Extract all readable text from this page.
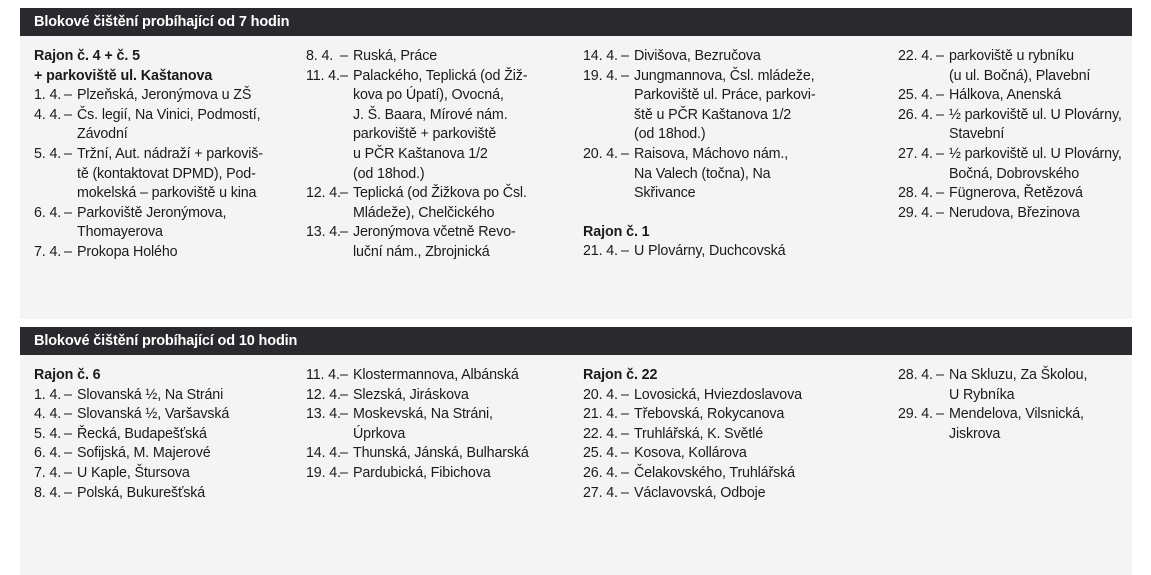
Blokové čištění probíhající od 7 hodin
Rajon č. 4 + č. 5
+ parkoviště ul. Kaštanova
1. 4. – Plzeňská, Jeronýmova u ZŠ
4. 4. – Čs. legií, Na Vinici, Podmostí,
Závodní
5. 4. – Tržní, Aut. nádraží + parkoviš-
tě (kontaktovat DPMD), Pod-
mokelská – parkoviště u kina
6. 4. – Parkoviště Jeronýmova,
Thomayerova
7. 4. – Prokopa Holého
8. 4. – Ruská, Práce
11. 4. – Palackého, Teplická (od Žiž-
kova po Úpatí), Ovocná,
J. Š. Baara, Mírové nám.
parkoviště + parkoviště
u PČR Kaštanova 1/2
(od 18hod.)
12. 4. – Teplická (od Žižkova po Čsl.
Mládeže), Chelčického
13. 4. – Jeronýmova včetně Revo-
luční nám., Zbrojnická
14. 4. – Divišova, Bezručova
19. 4. – Jungmannova, Čsl. mládeže,
Parkoviště ul. Práce, parkovi-
ště u PČR Kaštanova 1/2
(od 18hod.)
20. 4. – Raisova, Máchovo nám.,
Na Valech (točna), Na
Skřivance
Rajon č. 1
21. 4. – U Plovárny, Duchcovská
22. 4. – parkoviště u rybníku
(u ul. Bočná), Plavební
25. 4. – Hálkova, Anenská
26. 4. – ½ parkoviště ul. U Plovárny,
Stavební
27. 4. – ½ parkoviště ul. U Plovárny,
Bočná, Dobrovského
28. 4. – Fügnerova, Řetězová
29. 4. – Nerudova, Březinova
Blokové čištění probíhající od 10 hodin
Rajon č. 6
1. 4. – Slovanská ½, Na Stráni
4. 4. – Slovanská ½, Varšavská
5. 4. – Řecká, Budapešťská
6. 4. – Sofijská, M. Majerové
7. 4. – U Kaple, Štursova
8. 4. – Polská, Bukurešťská
11. 4. – Klostermannova, Albánská
12. 4. – Slezská, Jiráskova
13. 4. – Moskevská, Na Stráni,
Úprkova
14. 4. – Thunská, Jánská, Bulharská
19. 4. – Pardubická, Fibichova
Rajon č. 22
20. 4. – Lovosická, Hviezdoslavova
21. 4. – Třebovská, Rokycanova
22. 4. – Truhlářská, K. Světlé
25. 4. – Kosova, Kollárova
26. 4. – Čelakovského, Truhlářská
27. 4. – Václavovská, Odboje
28. 4. – Na Skluzu, Za Školou,
U Rybníka
29. 4. – Mendelova, Vilsnická,
Jiskrova
